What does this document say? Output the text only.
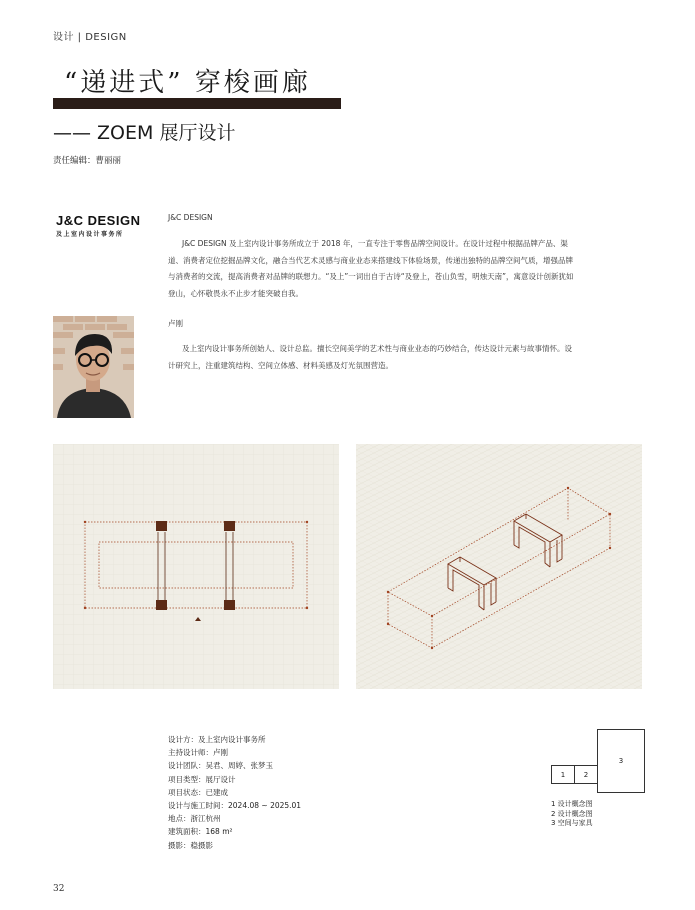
设计 | DESIGN
“递进式” 穿梭画廊
—— ZOEM 展厅设计
责任编辑：曹丽丽
J&C DESIGN
及上室内设计事务所
J&C DESIGN
J&C DESIGN 及上室内设计事务所成立于 2018 年，一直专注于零售品牌空间设计。在设计过程中根据品牌产品、渠道、消费者定位挖掘品牌文化，融合当代艺术灵感与商业业态来搭建线下体验场景，传递出独特的品牌空间气质，增强品牌与消费者的交流，提高消费者对品牌的联想力。“及上”一词出自于古诗“及登上，苍山负雪，明烛天南”，寓意设计创新犹如登山，心怀敬畏永不止步才能突破自我。
卢刚
及上室内设计事务所创始人、设计总监。擅长空间美学的艺术性与商业业态的巧妙结合，传达设计元素与故事情怀。设计研究上，注重建筑结构、空间立体感、材料美感及灯光氛围营造。
设计方：及上室内设计事务所
主持设计师：卢刚
设计团队：吴君、周婷、张梦玉
项目类型：展厅设计
项目状态：已建成
设计与施工时间：2024.08 ~ 2025.01
地点：浙江杭州
建筑面积：168 m²
摄影：稳摄影
1	2
3
1 设计概念图
2 设计概念图
3 空间与家具
32
